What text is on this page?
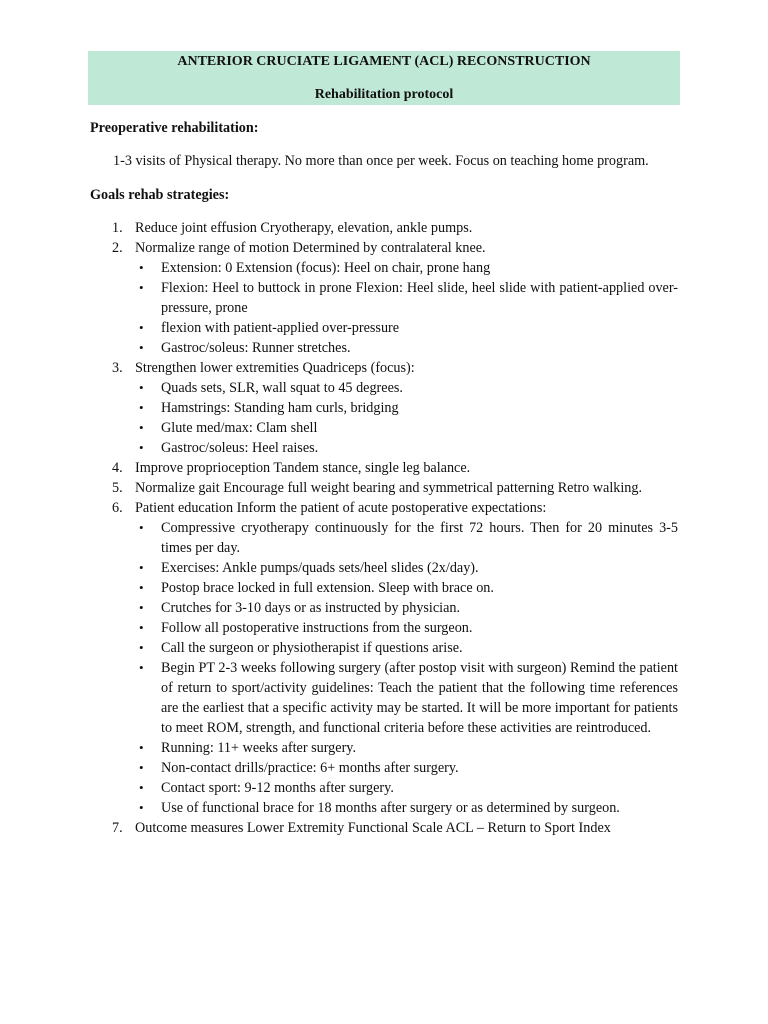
ANTERIOR CRUCIATE LIGAMENT (ACL) RECONSTRUCTION
Rehabilitation protocol
Preoperative rehabilitation:
1-3 visits of Physical therapy. No more than once per week. Focus on teaching home program.
Goals rehab strategies:
1. Reduce joint effusion Cryotherapy, elevation, ankle pumps.
2. Normalize range of motion Determined by contralateral knee.
• Extension: 0 Extension (focus): Heel on chair, prone hang
• Flexion: Heel to buttock in prone Flexion: Heel slide, heel slide with patient-applied over-pressure, prone
• flexion with patient-applied over-pressure
• Gastroc/soleus: Runner stretches.
3. Strengthen lower extremities Quadriceps (focus):
• Quads sets, SLR, wall squat to 45 degrees.
• Hamstrings: Standing ham curls, bridging
• Glute med/max: Clam shell
• Gastroc/soleus: Heel raises.
4. Improve proprioception Tandem stance, single leg balance.
5. Normalize gait Encourage full weight bearing and symmetrical patterning Retro walking.
6. Patient education Inform the patient of acute postoperative expectations:
• Compressive cryotherapy continuously for the first 72 hours. Then for 20 minutes 3-5 times per day.
• Exercises: Ankle pumps/quads sets/heel slides (2x/day).
• Postop brace locked in full extension. Sleep with brace on.
• Crutches for 3-10 days or as instructed by physician.
• Follow all postoperative instructions from the surgeon.
• Call the surgeon or physiotherapist if questions arise.
• Begin PT 2-3 weeks following surgery (after postop visit with surgeon) Remind the patient of return to sport/activity guidelines: Teach the patient that the following time references are the earliest that a specific activity may be started. It will be more important for patients to meet ROM, strength, and functional criteria before these activities are reintroduced.
• Running: 11+ weeks after surgery.
• Non-contact drills/practice: 6+ months after surgery.
• Contact sport: 9-12 months after surgery.
• Use of functional brace for 18 months after surgery or as determined by surgeon.
7. Outcome measures Lower Extremity Functional Scale ACL – Return to Sport Index
